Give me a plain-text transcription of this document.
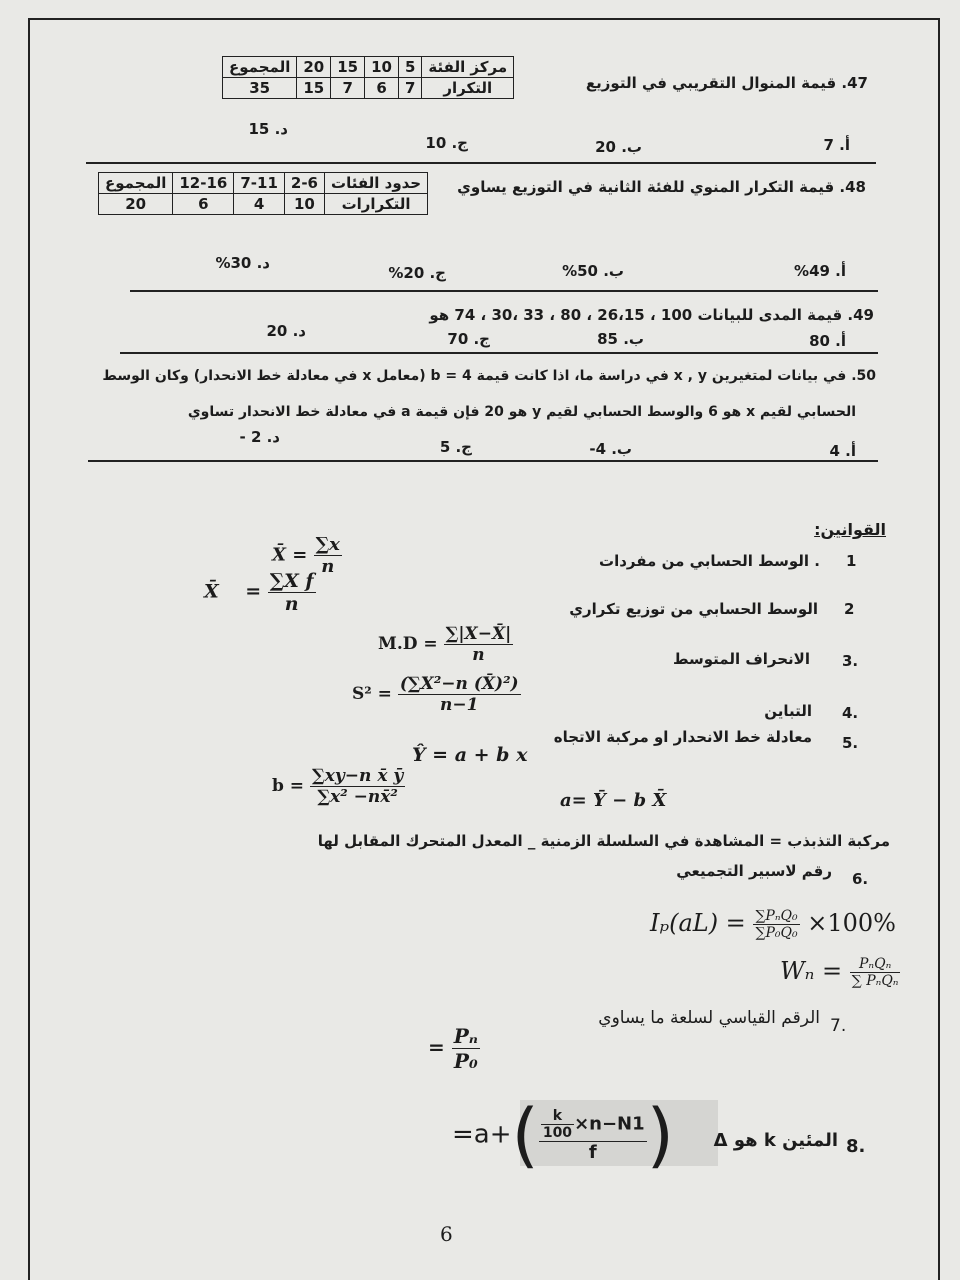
47. قيمة المنوال التقريبي في التوزيع
مركز الفئة	5	10	15	20	المجموع
التكرار	7	6	7	15	35
أ. 7
ب. 20
ج. 10
د. 15
48. قيمة التكرار المنوي للفئة الثانية في التوزيع يساوي
حدود الفئات	2-6	7-11	12-16	المجموع
التكرارات	10	4	6	20
أ. 49%
ب. 50%
ج. 20%
د. 30%
49. قيمة المدى للبيانات 100 ، 26،15 ، 80 ، 33 ،30 ، 74 هو
أ. 80
ب. 85
ج. 70
د. 20
50. في بيانات لمتغيرين x , y في دراسة ما، اذا كانت قيمة b = 4 (معامل x في معادلة خط الانحدار) وكان الوسط
الحسابي لقيم x هو 6 والوسط الحسابي لقيم y هو 20 فإن قيمة a في معادلة خط الانحدار تساوي
أ. 4
ب. 4-
ج. 5
د. 2 -
القوانين:
1
. الوسط الحسابي من مفردات
X̄ = $\frac{\sum x}{n}$
2
الوسط الحسابي من توزيع تكراري
X̄ = $\frac{\text{∑X f}}{n}$
3.
الانحراف المتوسط
$M.D = \frac{\sum|X-X̄|}{n}$
4.
التباين
$S^2 = \frac{\text{(∑X²−n (X̄)²)}}{n-1}$
5.
معادلة خط الانحدار او مركبة الاتجاه
Ŷ = a + b x
$b = \frac{\text{∑xy−n x̄ ȳ}}{\text{∑x² −nx̄²}}$	a= Ȳ − b X̄
مركبة التذبذب = المشاهدة في السلسلة الزمنية _ المعدل المتحرك المقابل لها
6.
رقم لاسبير التجميعي
$I_p(aL) = \frac{\text{∑PₙQ₀}}{\text{∑P₀Q₀}} \times 100\%$
$W_n = \frac{\text{PₙQₙ}}{\text{∑ PₙQₙ}}$
7.
الرقم القياسي لسلعة ما يساوي
= $\frac{\text{Pₙ}}{\text{P₀}}$
8.
المئين k هو Δ
$=a+( \frac{\frac{k}{100} \times n-N1}{f}$ )
6
